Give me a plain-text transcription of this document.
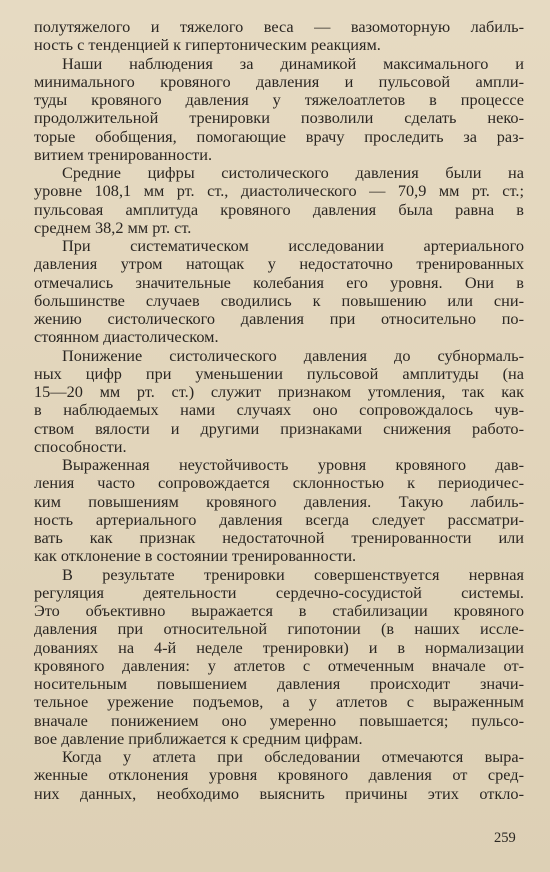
полутяжелого и тяжелого веса — вазомоторную лабиль‑
ность с тенденцией к гипертоническим реакциям.
Наши наблюдения за динамикой максимального и
минимального кровяного давления и пульсовой ампли‑
туды кровяного давления у тяжелоатлетов в процессе
продолжительной тренировки позволили сделать неко‑
торые обобщения, помогающие врачу проследить за раз‑
витием тренированности.
Средние цифры систолического давления были на
уровне 108,1 мм рт. ст., диастолического — 70,9 мм рт. ст.;
пульсовая амплитуда кровяного давления была равна в
среднем 38,2 мм рт. ст.
При систематическом исследовании артериального
давления утром натощак у недостаточно тренированных
отмечались значительные колебания его уровня. Они в
большинстве случаев сводились к повышению или сни‑
жению систолического давления при относительно по‑
стоянном диастолическом.
Понижение систолического давления до субнормаль‑
ных цифр при уменьшении пульсовой амплитуды (на
15—20 мм рт. ст.) служит признаком утомления, так как
в наблюдаемых нами случаях оно сопровождалось чув‑
ством вялости и другими признаками снижения работо‑
способности.
Выраженная неустойчивость уровня кровяного дав‑
ления часто сопровождается склонностью к периодичес‑
ким повышениям кровяного давления. Такую лабиль‑
ность артериального давления всегда следует рассматри‑
вать как признак недостаточной тренированности или
как отклонение в состоянии тренированности.
В результате тренировки совершенствуется нервная
регуляция деятельности сердечно-сосудистой системы.
Это объективно выражается в стабилизации кровяного
давления при относительной гипотонии (в наших иссле‑
дованиях на 4-й неделе тренировки) и в нормализации
кровяного давления: у атлетов с отмеченным вначале от‑
носительным повышением давления происходит значи‑
тельное урежение подъемов, а у атлетов с выраженным
вначале понижением оно умеренно повышается; пульсо‑
вое давление приближается к средним цифрам.
Когда у атлета при обследовании отмечаются выра‑
женные отклонения уровня кровяного давления от сред‑
них данных, необходимо выяснить причины этих откло‑
259
